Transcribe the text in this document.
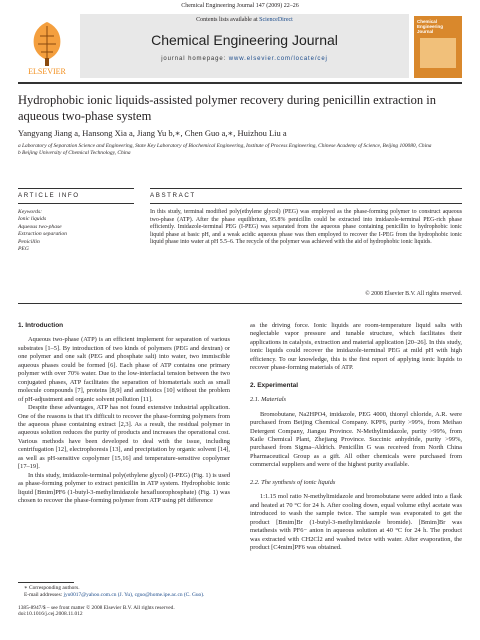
Chemical Engineering Journal 147 (2009) 22–26
ELSEVIER
Contents lists available at ScienceDirect
Chemical Engineering Journal
journal homepage: www.elsevier.com/locate/cej
Chemical Engineering Journal
Hydrophobic ionic liquids-assisted polymer recovery during penicillin extraction in aqueous two-phase system
Yangyang Jiang a, Hansong Xia a, Jiang Yu b,∗, Chen Guo a,∗, Huizhou Liu a
a Laboratory of Separation Science and Engineering, State Key Laboratory of Biochemical Engineering, Institute of Process Engineering, Chinese Academy of Science, Beijing 100080, China
b Beijing University of Chemical Technology, China
ARTICLE INFO	ABSTRACT
Keywords:
Ionic liquids
Aqueous two-phase
Extraction separation
Penicillin
PEG
In this study, terminal modified poly(ethylene glycol) (PEG) was employed as the phase-forming polymer to construct aqueous two-phase (ATP). After the phase equilibrium, 95.8% penicillin could be extracted into imidazole-terminal PEG-rich phase efficiently. Imidazole-terminal PEG (I-PEG) was separated from the aqueous phase containing penicillin to hydrophobic ionic liquid phase at basic pH, and a weak acidic aqueous phase was then employed to recover the I-PEG from the hydrophobic ionic liquid phase into water at pH 5.5–6. The recycle of the polymer was achieved with the aid of hydrophobic ionic liquids.
© 2008 Elsevier B.V. All rights reserved.
1. Introduction

Aqueous two-phase (ATP) is an efficient implement for separation of various substrates [1–5]. By introduction of two kinds of polymers (PEG and dextran) or one polymer and one salt (PEG and phosphate salt) into water, two immiscible aqueous phases could be formed [6]. Each phase of ATP contains one primary polymer with over 70% water. Due to the low-interfacial tension between the two conjugated phases, ATP facilitates the separation of biomaterials such as small molecule compounds [7], proteins [8,9] and antibiotics [10] without the problem of pH-adjustment and organic solvent pollution [11].

Despite these advantages, ATP has not found extensive industrial application. One of the reasons is that it's difficult to recover the phase-forming polymers from the aqueous phase containing extract [2,3]. As a result, the residual polymer in aqueous solution reduces the purity of products and increases the operational cost. Various methods have been developed to deal with the issue, including centrifugation [12], electrophoresis [13], and precipitation by organic solvent [14], as well as pH-sensitive copolymer [15,16] and temperature-sensitive copolymer [17–19].

In this study, imidazole-terminal poly(ethylene glycol) (I-PEG) (Fig. 1) is used as phase-forming polymer to extract penicillin in ATP system. Hydrophobic ionic liquid [Bmim]PF6 (1-butyl-3-methylimidazole hexafluorophosphate) (Fig. 1) was chosen to recover the phase-forming polymer from ATP using pH difference

∗ Corresponding authors.
E-mail addresses: jyu0017@yahoo.com.cn (J. Yu), cguo@home.ipe.ac.cn (C. Guo).
1385-8947/$ – see front matter © 2008 Elsevier B.V. All rights reserved.
doi:10.1016/j.cej.2008.11.012

as the driving force. Ionic liquids are room-temperature liquid salts with neglectable vapor pressure and tunable structure, which facilitates their applications in catalysis, extraction and material application [20–26]. In this study, ionic liquids could recover the imidazole-terminal PEG at mild pH with high efficiency. To our knowledge, this is the first report of applying ionic liquids to recover phase-forming materials of ATP.

2. Experimental
2.1. Materials

Bromobutane, Na2HPO4, imidazole, PEG 4000, thionyl chloride, A.R. were purchased from Beijing Chemical Company. KPF6, purity >99%, from Meihao Detergent Company, Jiangsu Province. N-Methylimidazole, purity >99%, from Kaile Chemical Plant, Zhejiang Province. Succinic anhydride, purity >99%, purchased from Sigma–Aldrich. Penicillin G was received from North China Pharmaceutical Group as a gift. All other chemicals were purchased from commercial suppliers and were of the highest purity available.

2.2. The synthesis of ionic liquids

1:1.15 mol ratio N-methylimidazole and bromobutane were added into a flask and heated at 70 °C for 24 h. After cooling down, equal volume ethyl acetate was introduced to wash the sample twice. The sample was evaporated to get the product [Bmim]Br (1-butyl-3-methylimidazole bromide). [Bmim]Br was metathesis with PF6− anion in aqueous solution at 40 °C for 24 h. The product was extracted with CH2Cl2 and washed twice with water. After evaporation, the product [C4mim]PF6 was obtained.
